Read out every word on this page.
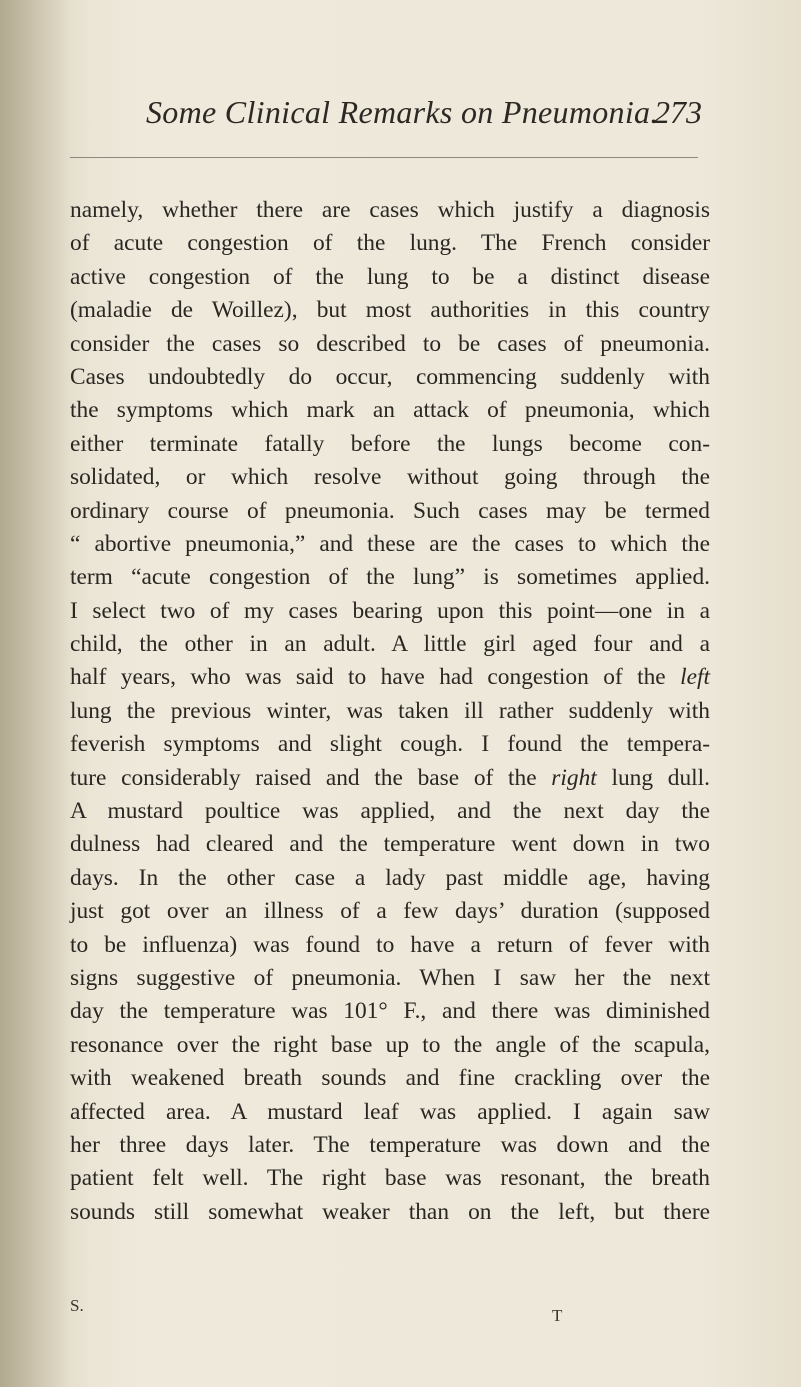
Some Clinical Remarks on Pneumonia.
273
namely, whether there are cases which justify a diagnosis
of acute congestion of the lung. The French consider
active congestion of the lung to be a distinct disease
(maladie de Woillez), but most authorities in this country
consider the cases so described to be cases of pneumonia.
Cases undoubtedly do occur, commencing suddenly with
the symptoms which mark an attack of pneumonia, which
either terminate fatally before the lungs become con-
solidated, or which resolve without going through the
ordinary course of pneumonia. Such cases may be termed
“ abortive pneumonia,” and these are the cases to which the
term “acute congestion of the lung” is sometimes applied.
I select two of my cases bearing upon this point—one in a
child, the other in an adult. A little girl aged four and a
half years, who was said to have had congestion of the left
lung the previous winter, was taken ill rather suddenly with
feverish symptoms and slight cough. I found the tempera-
ture considerably raised and the base of the right lung dull.
A mustard poultice was applied, and the next day the
dulness had cleared and the temperature went down in two
days. In the other case a lady past middle age, having
just got over an illness of a few days’ duration (supposed
to be influenza) was found to have a return of fever with
signs suggestive of pneumonia. When I saw her the next
day the temperature was 101° F., and there was diminished
resonance over the right base up to the angle of the scapula,
with weakened breath sounds and fine crackling over the
affected area. A mustard leaf was applied. I again saw
her three days later. The temperature was down and the
patient felt well. The right base was resonant, the breath
sounds still somewhat weaker than on the left, but there
S.
T
